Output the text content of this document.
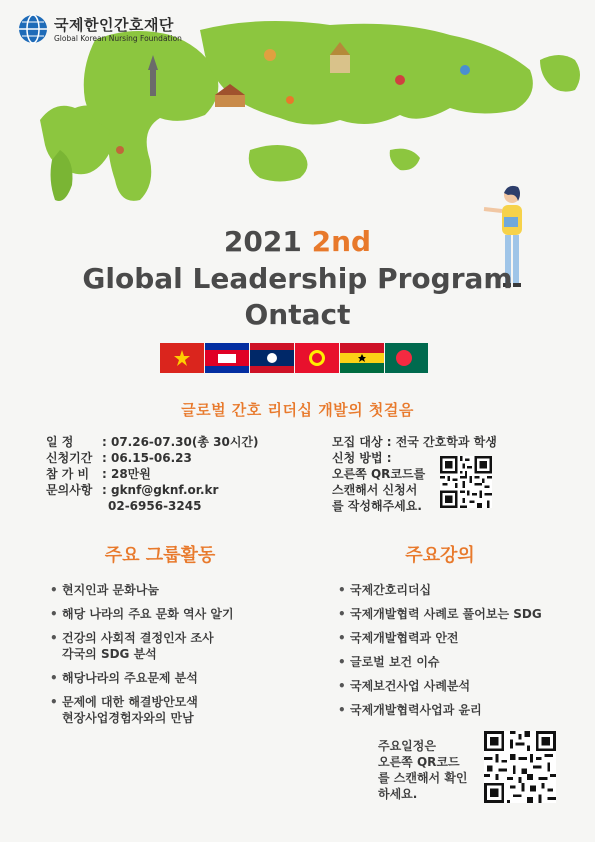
국제한인간호재단
Global Korean Nursing Foundation
2021 2nd
Global Leadership Program
Ontact
글로벌 간호 리더십 개발의 첫걸음
일 정 : 07.26-07.30(총 30시간)
신청기간 : 06.15-06.23
참 가 비 : 28만원
문의사항 : gknf@gknf.or.kr
02-6956-3245
모집 대상 : 전국 간호학과 학생
신청 방법 :
오른쪽 QR코드를
스캔해서 신청서
를 작성해주세요.
주요 그룹활동	주요강의
• 현지인과 문화나눔
• 해당 나라의 주요 문화 역사 알기
• 건강의 사회적 결정인자 조사
각국의 SDG 분석
• 해당나라의 주요문제 분석
• 문제에 대한 해결방안모색
현장사업경험자와의 만남
• 국제간호리더십
• 국제개발협력 사례로 풀어보는 SDG
• 국제개발협력과 안전
• 글로벌 보건 이슈
• 국제보건사업 사례분석
• 국제개발협력사업과 윤리
주요일정은
오른쪽 QR코드
를 스캔해서 확인
하세요.
